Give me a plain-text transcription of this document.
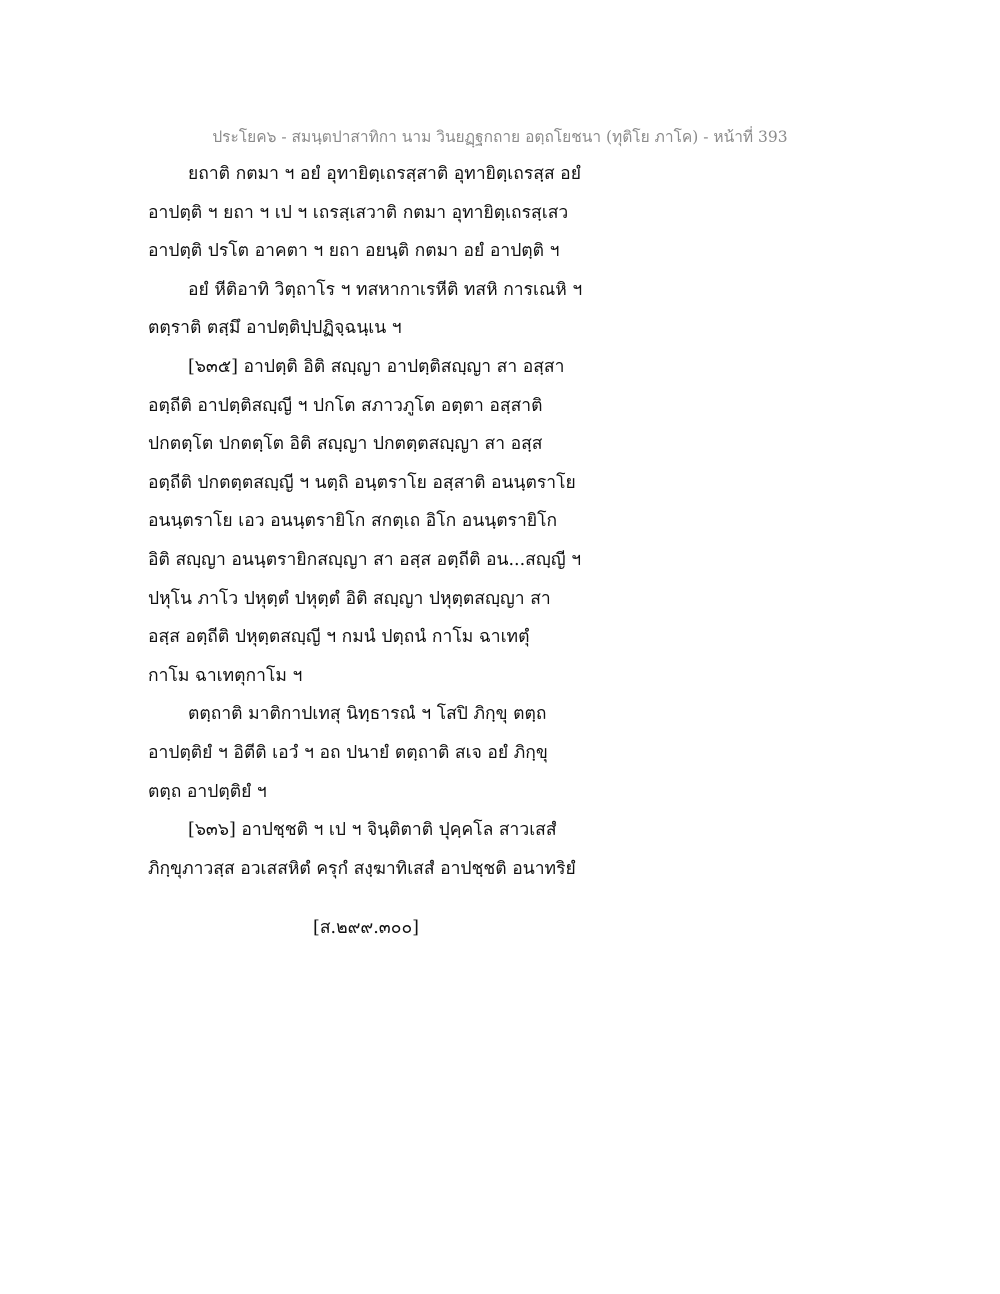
ประโยค๖ - สมนฺตปาสาทิกา นาม วินยฏฺฐกถาย อตฺถโยชนา (ทุติโย ภาโค) - หน้าที่ 393
ยถาติ กตมา ฯ อยํ อุทายิตฺเถรสฺสาติ อุทายิตฺเถรสฺส อยํ
อาปตฺติ ฯ ยถา ฯ เป ฯ เถรสฺเสวาติ กตมา อุทายิตฺเถรสฺเสว
อาปตฺติ ปรโต อาคตา ฯ ยถา อยนฺติ กตมา อยํ อาปตฺติ ฯ
อยํ หีติอาทิ วิตฺถาโร ฯ ทสหากาเรหีติ ทสหิ การเณหิ ฯ
ตตฺราติ ตสฺมึ อาปตฺติปฺปฏิจฺฉนฺเน ฯ
[๖๓๕] อาปตฺติ อิติ สญฺญา อาปตฺติสญฺญา สา อสฺสา
อตฺถีติ อาปตฺติสญฺญี ฯ ปกโต สภาวภูโต อตฺตา อสฺสาติ
ปกตตฺโต ปกตตฺโต อิติ สญฺญา ปกตตฺตสญฺญา สา อสฺส
อตฺถีติ ปกตตฺตสญฺญี ฯ นตฺถิ อนฺตราโย อสฺสาติ อนนฺตราโย
อนนฺตราโย เอว อนนฺตรายิโก สกตฺเถ อิโก อนนฺตรายิโก
อิติ สญฺญา อนนฺตรายิกสญฺญา สา อสฺส อตฺถีติ อน...สญฺญี ฯ
ปหุโน ภาโว ปหุตฺตํ ปหุตฺตํ อิติ สญฺญา ปหุตฺตสญฺญา สา
อสฺส อตฺถีติ ปหุตฺตสญฺญี ฯ กมนํ ปตฺถนํ กาโม ฉาเทตุํ
กาโม ฉาเทตุกาโม ฯ
ตตฺถาติ มาติกาปเทสุ นิทฺธารณํ ฯ โสปิ ภิกฺขุ ตตฺถ
อาปตฺติยํ ฯ อิตีติ เอวํ ฯ อถ ปนายํ ตตฺถาติ สเจ อยํ ภิกฺขุ
ตตฺถ อาปตฺติยํ ฯ
[๖๓๖] อาปชฺชติ ฯ เป ฯ จินฺติตาติ ปุคฺคโล สาวเสสํ
ภิกฺขุภาวสฺส อวเสสหิตํ ครุกํ สงฺฆาทิเสสํ อาปชฺชติ อนาทริยํ
[ส.๒๙๙.๓๐๐]
